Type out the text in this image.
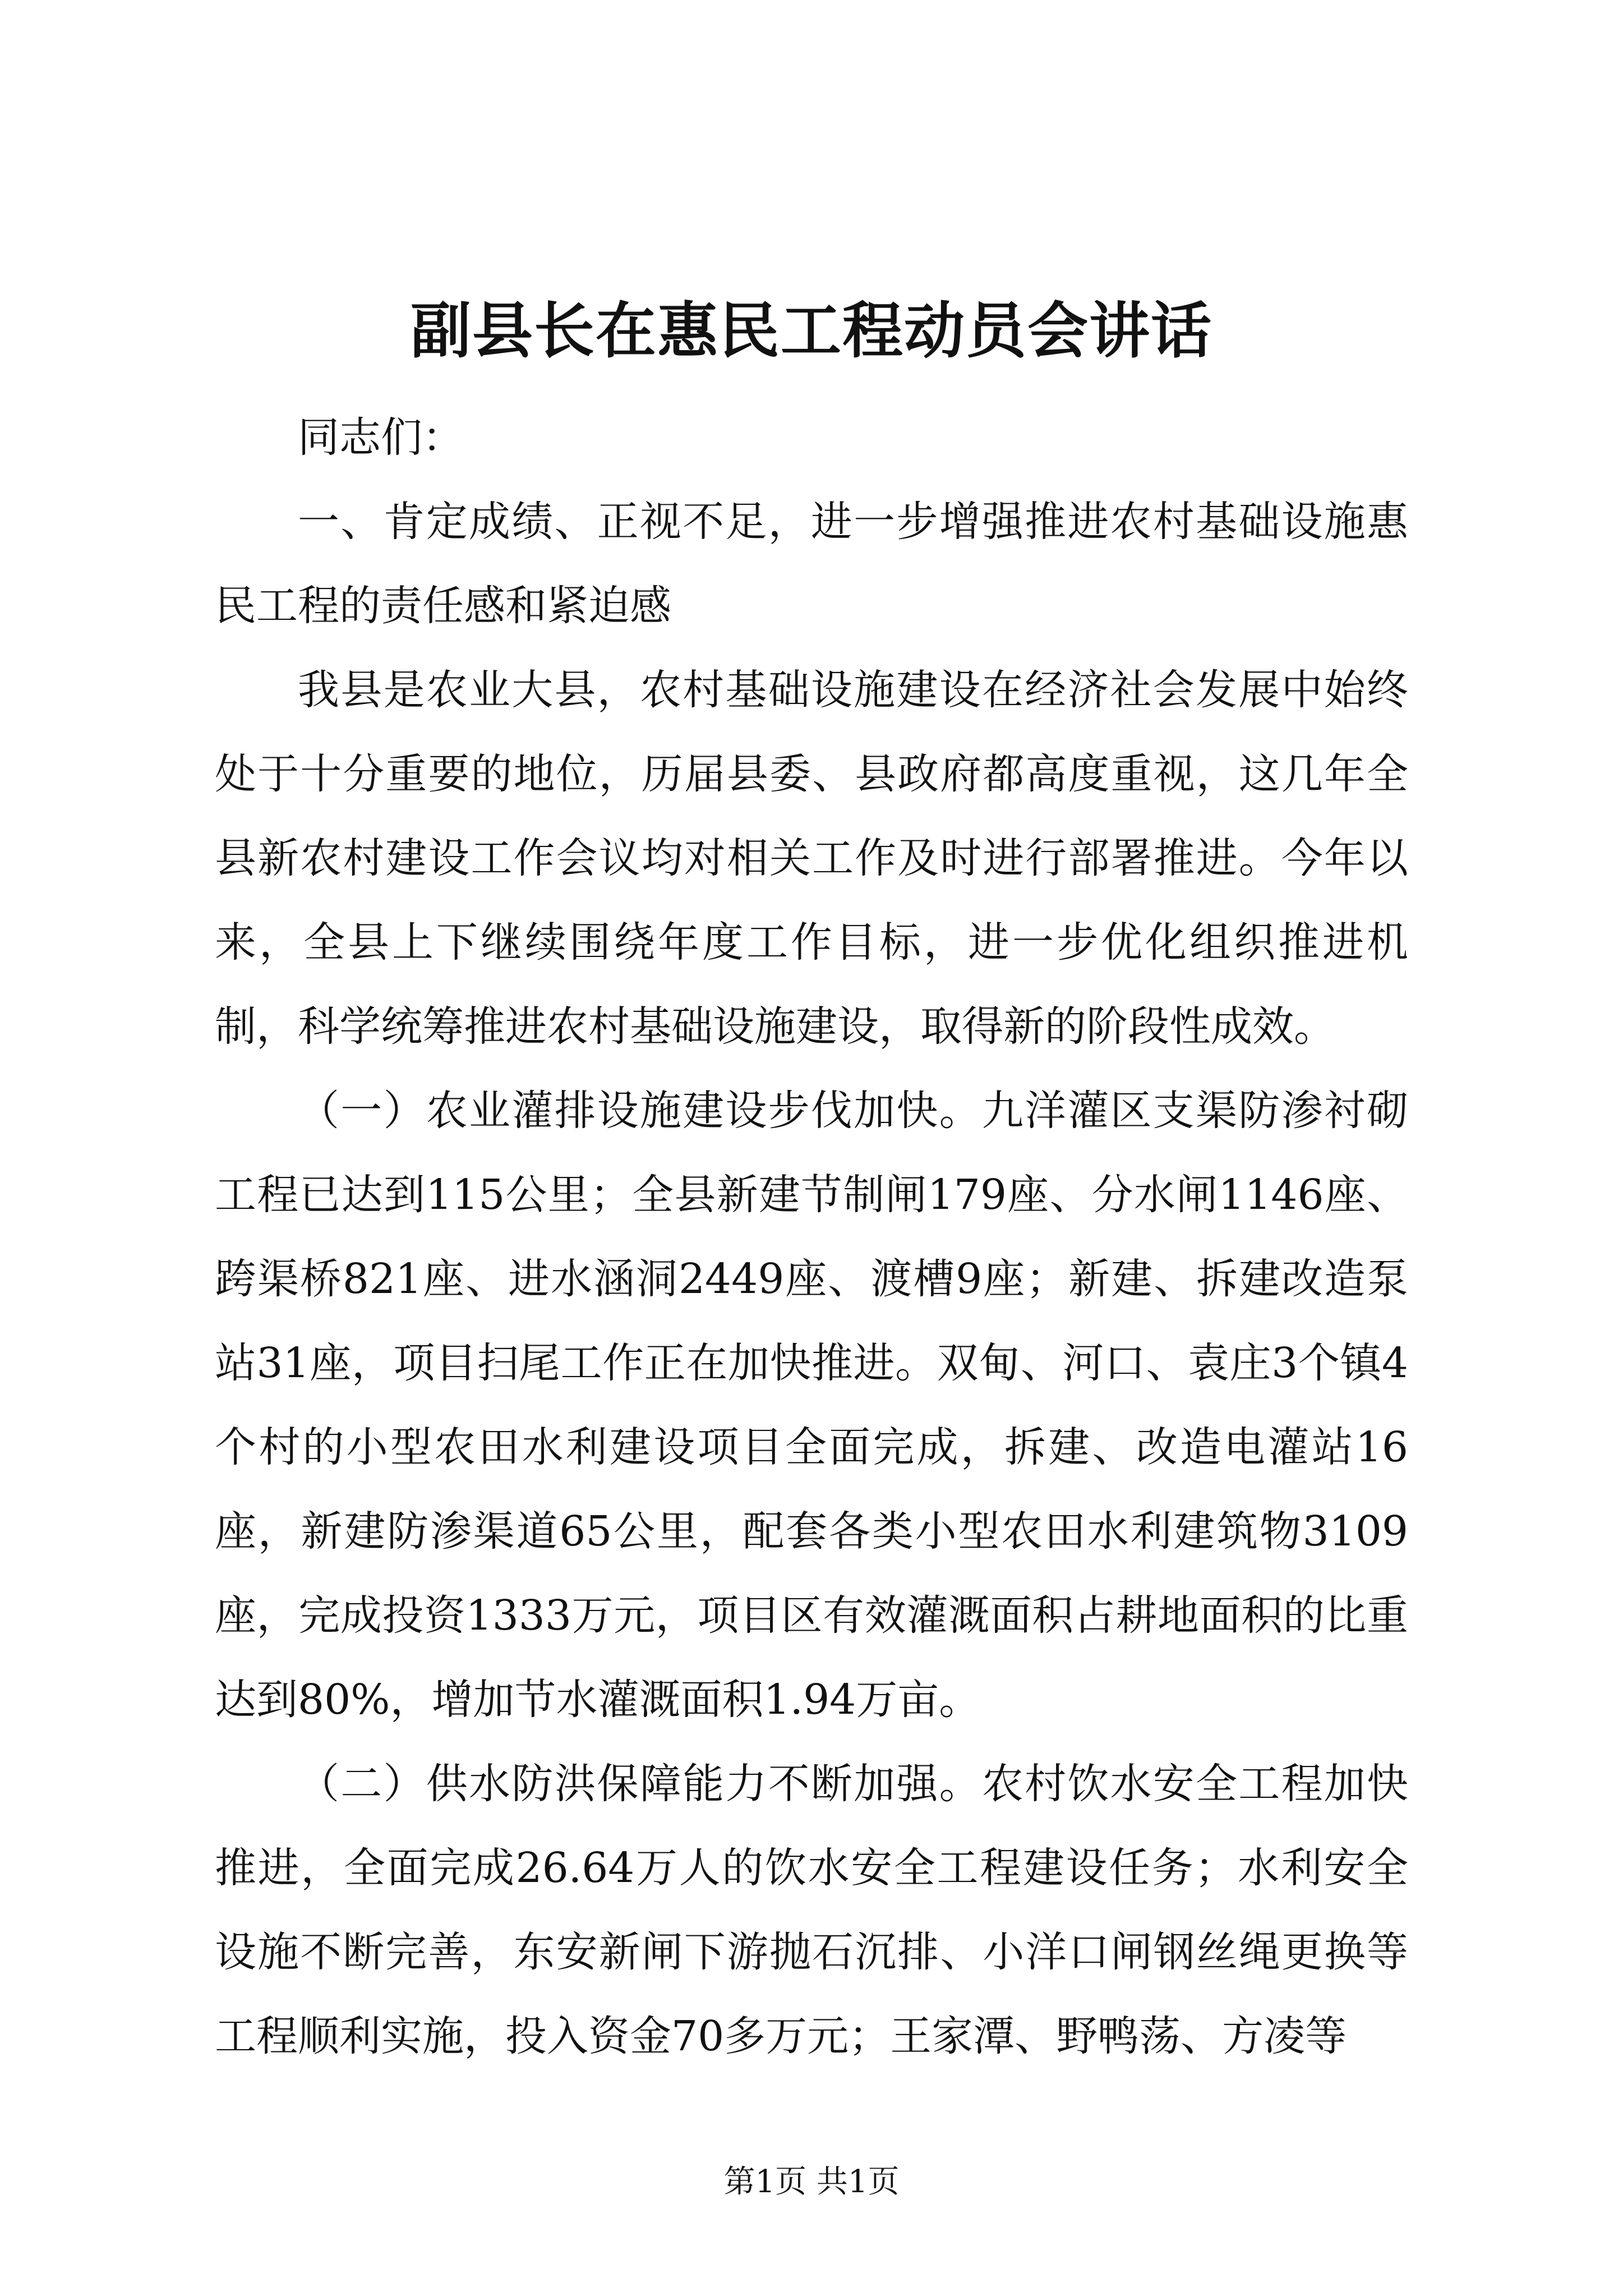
副县长在惠民工程动员会讲话

同志们：

一、肯定成绩、正视不足，进一步增强推进农村基础设施惠民工程的责任感和紧迫感

我县是农业大县，农村基础设施建设在经济社会发展中始终处于十分重要的地位，历届县委、县政府都高度重视，这几年全县新农村建设工作会议均对相关工作及时进行部署推进。今年以来，全县上下继续围绕年度工作目标，进一步优化组织推进机制，科学统筹推进农村基础设施建设，取得新的阶段性成效。

（一）农业灌排设施建设步伐加快。九洋灌区支渠防渗衬砌工程已达到115公里；全县新建节制闸179座、分水闸1146座、跨渠桥821座、进水涵洞2449座、渡槽9座；新建、拆建改造泵站31座，项目扫尾工作正在加快推进。双甸、河口、袁庄3个镇4个村的小型农田水利建设项目全面完成，拆建、改造电灌站16座，新建防渗渠道65公里，配套各类小型农田水利建筑物3109座，完成投资1333万元，项目区有效灌溉面积占耕地面积的比重达到80%，增加节水灌溉面积1.94万亩。

（二）供水防洪保障能力不断加强。农村饮水安全工程加快推进，全面完成26.64万人的饮水安全工程建设任务；水利安全设施不断完善，东安新闸下游抛石沉排、小洋口闸钢丝绳更换等工程顺利实施，投入资金70多万元；王家潭、野鸭荡、方凌等

第1页 共1页
